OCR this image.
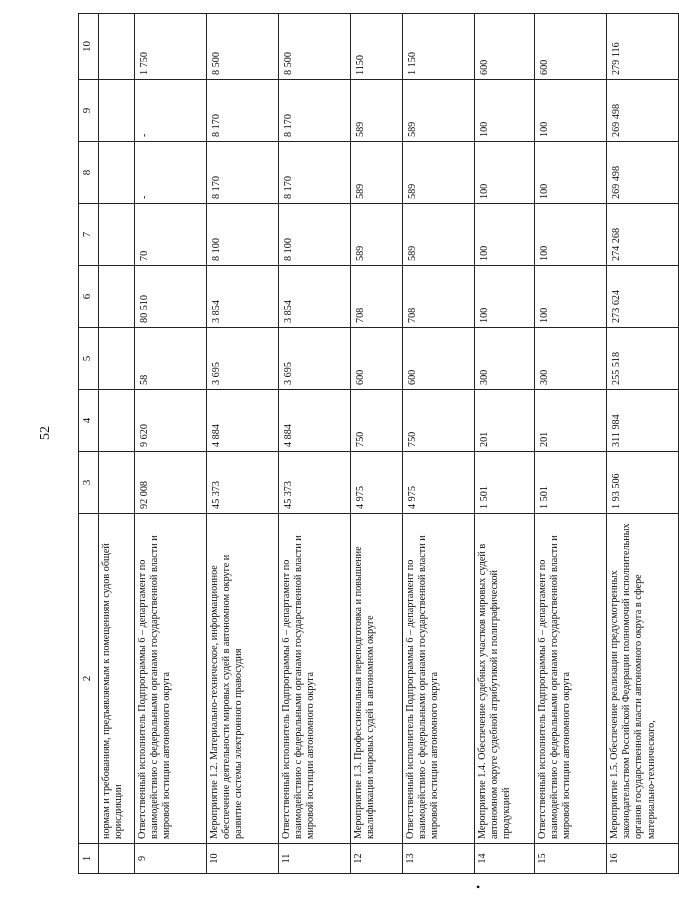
52
1	2	3	4	5	6	7	8	9	10
	нормам и требованиям, предъявляемым к помещениям судов общей юрисдикции								
9	Ответственный исполнитель Подпрограммы 6 – департамент по взаимодействию с федеральными органами государственной власти и мировой юстиции автономного округа	92 008	9 620	58	80 510	70	-	-	1 750
10	Мероприятие 1.2. Материально-техническое, информационное обеспечение деятельности мировых судей в автономном округе и развитие системы электронного правосудия	45 373	4 884	3 695	3 854	8 100	8 170	8 170	8 500
11	Ответственный исполнитель Подпрограммы 6 – департамент по взаимодействию с федеральными органами государственной власти и мировой юстиции автономного округа	45 373	4 884	3 695	3 854	8 100	8 170	8 170	8 500
12	Мероприятие 1.3. Профессиональная переподготовка и повышение квалификации мировых судей в автономном округе	4 975	750	600	708	589	589	589	1150
13	Ответственный исполнитель Подпрограммы 6 – департамент по взаимодействию с федеральными органами государственной власти и мировой юстиции автономного округа	4 975	750	600	708	589	589	589	1 150
14	Мероприятие 1.4. Обеспечение судебных участков мировых судей в автономном округе судебной атрибутикой и полиграфической продукцией	1 501	201	300	100	100	100	100	600
15	Ответственный исполнитель Подпрограммы 6 – департамент по взаимодействию с федеральными органами государственной власти и мировой юстиции автономного округа	1 501	201	300	100	100	100	100	600
16	Мероприятие 1.5. Обеспечение реализации предусмотренных законодательством Российской Федерации полномочий исполнительных органов государственной власти автономного округа в сфере материально-технического,	1 93 506	311 984	255 518	273 624	274 268	269 498	269 498	279 116
•
